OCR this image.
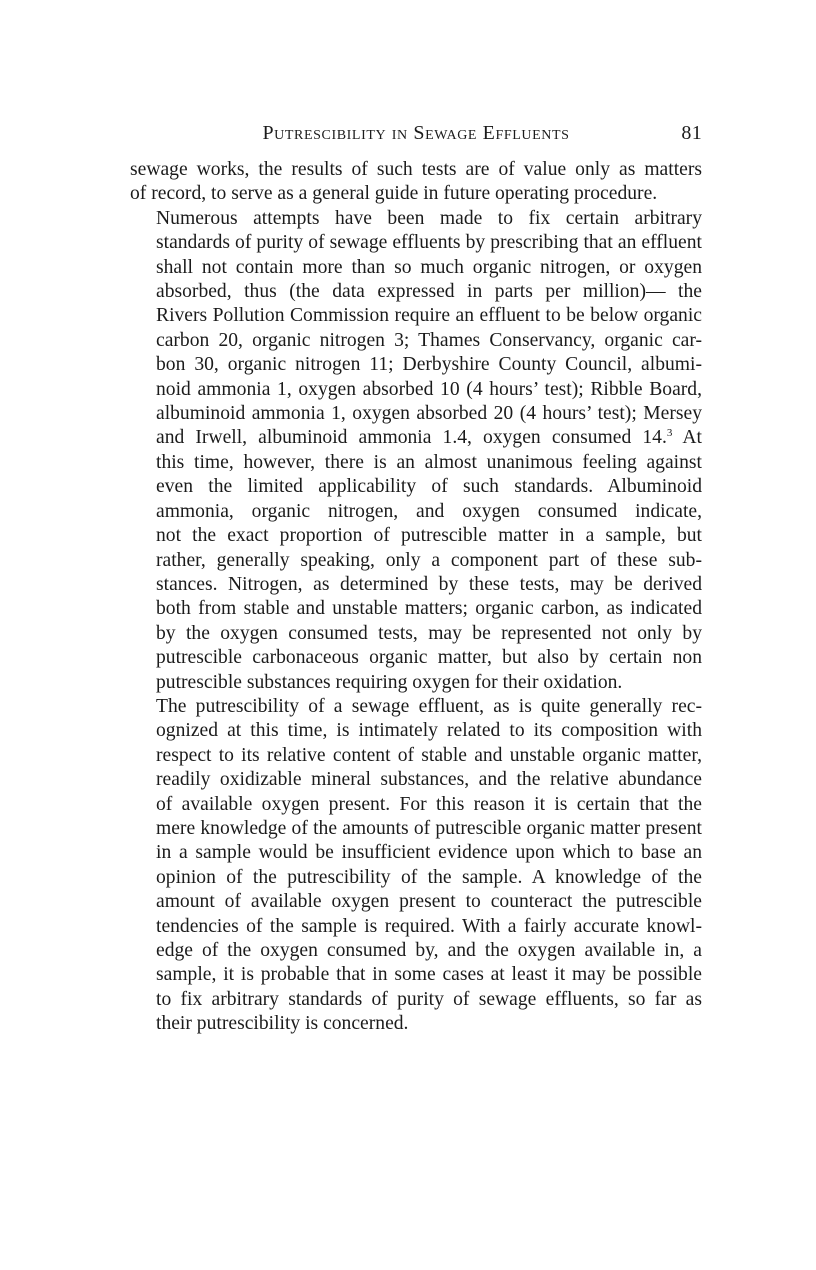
Putrescibility in Sewage Effluents	81

sewage works, the results of such tests are of value only as matters
of record, to serve as a general guide in future operating procedure.

Numerous attempts have been made to fix certain arbitrary
standards of purity of sewage effluents by prescribing that an effluent
shall not contain more than so much organic nitrogen, or oxygen
absorbed, thus (the data expressed in parts per million)— the
Rivers Pollution Commission require an effluent to be below organic
carbon 20, organic nitrogen 3; Thames Conservancy, organic car-
bon 30, organic nitrogen 11; Derbyshire County Council, albumi-
noid ammonia 1, oxygen absorbed 10 (4 hours’ test); Ribble Board,
albuminoid ammonia 1, oxygen absorbed 20 (4 hours’ test); Mersey
and Irwell, albuminoid ammonia 1.4, oxygen consumed 14.$^3$ At
this time, however, there is an almost unanimous feeling against
even the limited applicability of such standards. Albuminoid
ammonia, organic nitrogen, and oxygen consumed indicate,
not the exact proportion of putrescible matter in a sample, but
rather, generally speaking, only a component part of these sub-
stances. Nitrogen, as determined by these tests, may be derived
both from stable and unstable matters; organic carbon, as indicated
by the oxygen consumed tests, may be represented not only by
putrescible carbonaceous organic matter, but also by certain non
putrescible substances requiring oxygen for their oxidation.

The putrescibility of a sewage effluent, as is quite generally rec-
ognized at this time, is intimately related to its composition with
respect to its relative content of stable and unstable organic matter,
readily oxidizable mineral substances, and the relative abundance
of available oxygen present. For this reason it is certain that the
mere knowledge of the amounts of putrescible organic matter present
in a sample would be insufficient evidence upon which to base an
opinion of the putrescibility of the sample. A knowledge of the
amount of available oxygen present to counteract the putrescible
tendencies of the sample is required. With a fairly accurate knowl-
edge of the oxygen consumed by, and the oxygen available in, a
sample, it is probable that in some cases at least it may be possible
to fix arbitrary standards of purity of sewage effluents, so far as
their putrescibility is concerned.
